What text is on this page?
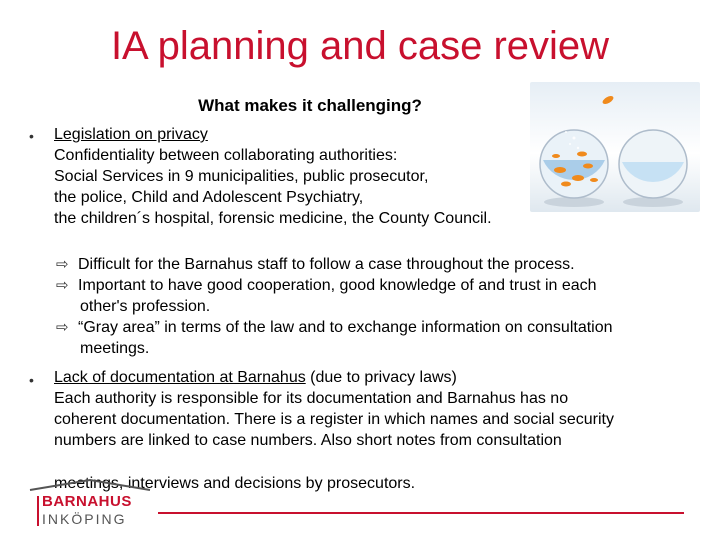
IA planning and case review
What makes it challenging?
• Legislation on privacy
Confidentiality between collaborating authorities:
Social Services in 9 municipalities, public prosecutor,
the police, Child and Adolescent Psychiatry,
the children´s hospital, forensic medicine, the County Council.
⇨ Difficult for the Barnahus staff to follow a case throughout the process.
⇨ Important to have good cooperation, good knowledge of and trust in each
other's profession.
⇨ “Gray area” in terms of the law and to exchange information on consultation
meetings.
• Lack of documentation at Barnahus (due to privacy laws)
Each authority is responsible for its documentation and Barnahus has no
coherent documentation. There is a register in which names and social security
numbers are linked to case numbers. Also short notes from consultation
meetings, interviews and decisions by prosecutors.
BARNAHUS
INKÖPING
